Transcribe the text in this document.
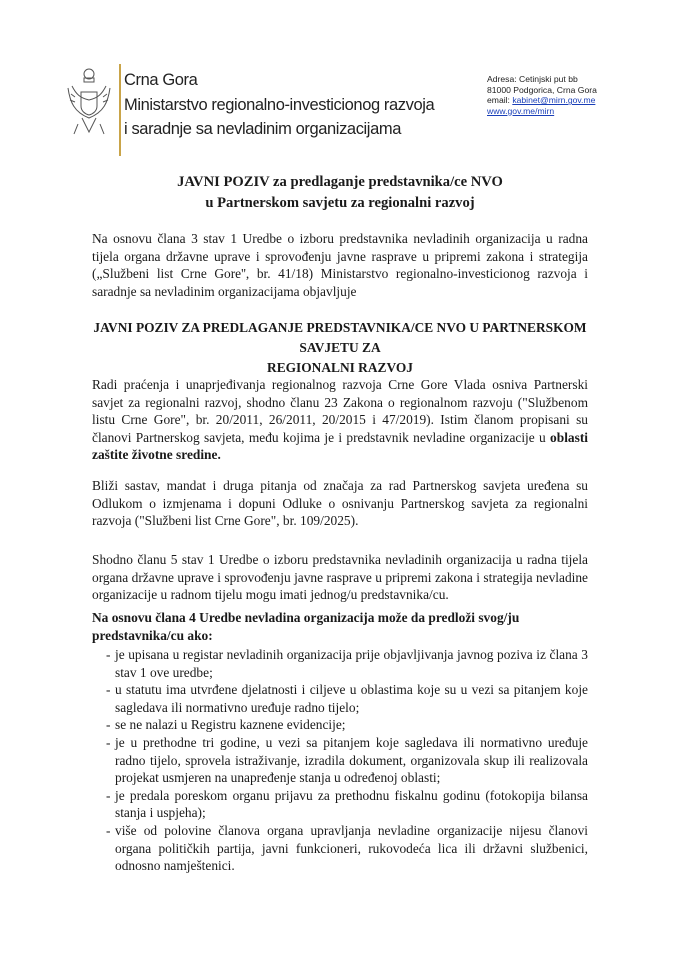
Crna Gora
Ministarstvo regionalno-investicionog razvoja
i saradnje sa nevladinim organizacijama
Adresa: Cetinjski put bb
81000 Podgorica, Crna Gora
email: kabinet@mirn.gov.me
www.gov.me/mirn
JAVNI POZIV za predlaganje predstavnika/ce NVO
u Partnerskom savjetu za regionalni razvoj
Na osnovu člana 3 stav 1 Uredbe o izboru predstavnika nevladinih organizacija u radna tijela organa državne uprave i sprovođenju javne rasprave u pripremi zakona i strategija („Službeni list Crne Gore'', br. 41/18) Ministarstvo regionalno-investicionog razvoja i saradnje sa nevladinim organizacijama objavljuje
JAVNI POZIV ZA PREDLAGANJE PREDSTAVNIKA/CE NVO U PARTNERSKOM SAVJETU ZA
REGIONALNI RAZVOJ
Radi praćenja i unaprjeđivanja regionalnog razvoja Crne Gore Vlada osniva Partnerski savjet za regionalni razvoj, shodno članu 23 Zakona o regionalnom razvoju ("Službenom listu Crne Gore", br. 20/2011, 26/2011, 20/2015 i 47/2019). Istim članom propisani su članovi Partnerskog savjeta, među kojima je i predstavnik nevladine organizacije u oblasti zaštite životne sredine.
Bliži sastav, mandat i druga pitanja od značaja za rad Partnerskog savjeta uređena su Odlukom o izmjenama i dopuni Odluke o osnivanju Partnerskog savjeta za regionalni razvoja ("Službeni list Crne Gore", br. 109/2025).
Shodno članu 5 stav 1 Uredbe o izboru predstavnika nevladinih organizacija u radna tijela organa državne uprave i sprovođenju javne rasprave u pripremi zakona i strategija nevladine organizacije u radnom tijelu mogu imati jednog/u predstavnika/cu.
Na osnovu člana 4 Uredbe nevladina organizacija može da predloži svog/ju predstavnika/cu ako:
- je upisana u registar nevladinih organizacija prije objavljivanja javnog poziva iz člana 3 stav 1 ove uredbe;
- u statutu ima utvrđene djelatnosti i ciljeve u oblastima koje su u vezi sa pitanjem koje sagledava ili normativno uređuje radno tijelo;
- se ne nalazi u Registru kaznene evidencije;
- je u prethodne tri godine, u vezi sa pitanjem koje sagledava ili normativno uređuje radno tijelo, sprovela istraživanje, izradila dokument, organizovala skup ili realizovala projekat usmjeren na unapređenje stanja u određenoj oblasti;
- je predala poreskom organu prijavu za prethodnu fiskalnu godinu (fotokopija bilansa stanja i uspjeha);
- više od polovine članova organa upravljanja nevladine organizacije nijesu članovi organa političkih partija, javni funkcioneri, rukovodeća lica ili državni službenici, odnosno namještenici.
